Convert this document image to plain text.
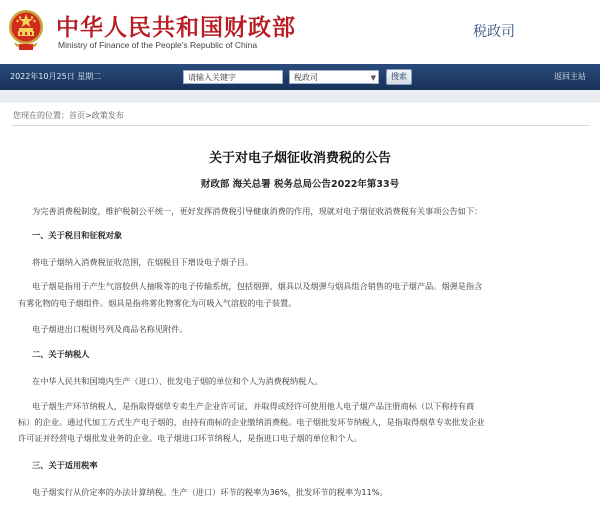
中华人民共和国财政部
Ministry of Finance of the People's Republic of China
税政司
2022年10月25日 星期二	请输入关键字	税政司	▼	搜索	返回主站
您现在的位置：首页>政策发布
关于对电子烟征收消费税的公告
财政部 海关总署 税务总局公告2022年第33号
为完善消费税制度，维护税制公平统一，更好发挥消费税引导健康消费的作用，现就对电子烟征收消费税有关事项公告如下：
一、关于税目和征税对象
将电子烟纳入消费税征收范围，在烟税目下增设电子烟子目。
电子烟是指用于产生气溶胶供人抽吸等的电子传输系统，包括烟弹、烟具以及烟弹与烟具组合销售的电子烟产品。烟弹是指含
有雾化物的电子烟组件。烟具是指将雾化物雾化为可吸入气溶胶的电子装置。
电子烟进出口税则号列及商品名称见附件。
二、关于纳税人
在中华人民共和国境内生产（进口）、批发电子烟的单位和个人为消费税纳税人。
电子烟生产环节纳税人，是指取得烟草专卖生产企业许可证，并取得或经许可使用他人电子烟产品注册商标（以下称持有商
标）的企业。通过代加工方式生产电子烟的，由持有商标的企业缴纳消费税。电子烟批发环节纳税人，是指取得烟草专卖批发企业
许可证并经营电子烟批发业务的企业。电子烟进口环节纳税人，是指进口电子烟的单位和个人。
三、关于适用税率
电子烟实行从价定率的办法计算纳税。生产（进口）环节的税率为36%，批发环节的税率为11%。
